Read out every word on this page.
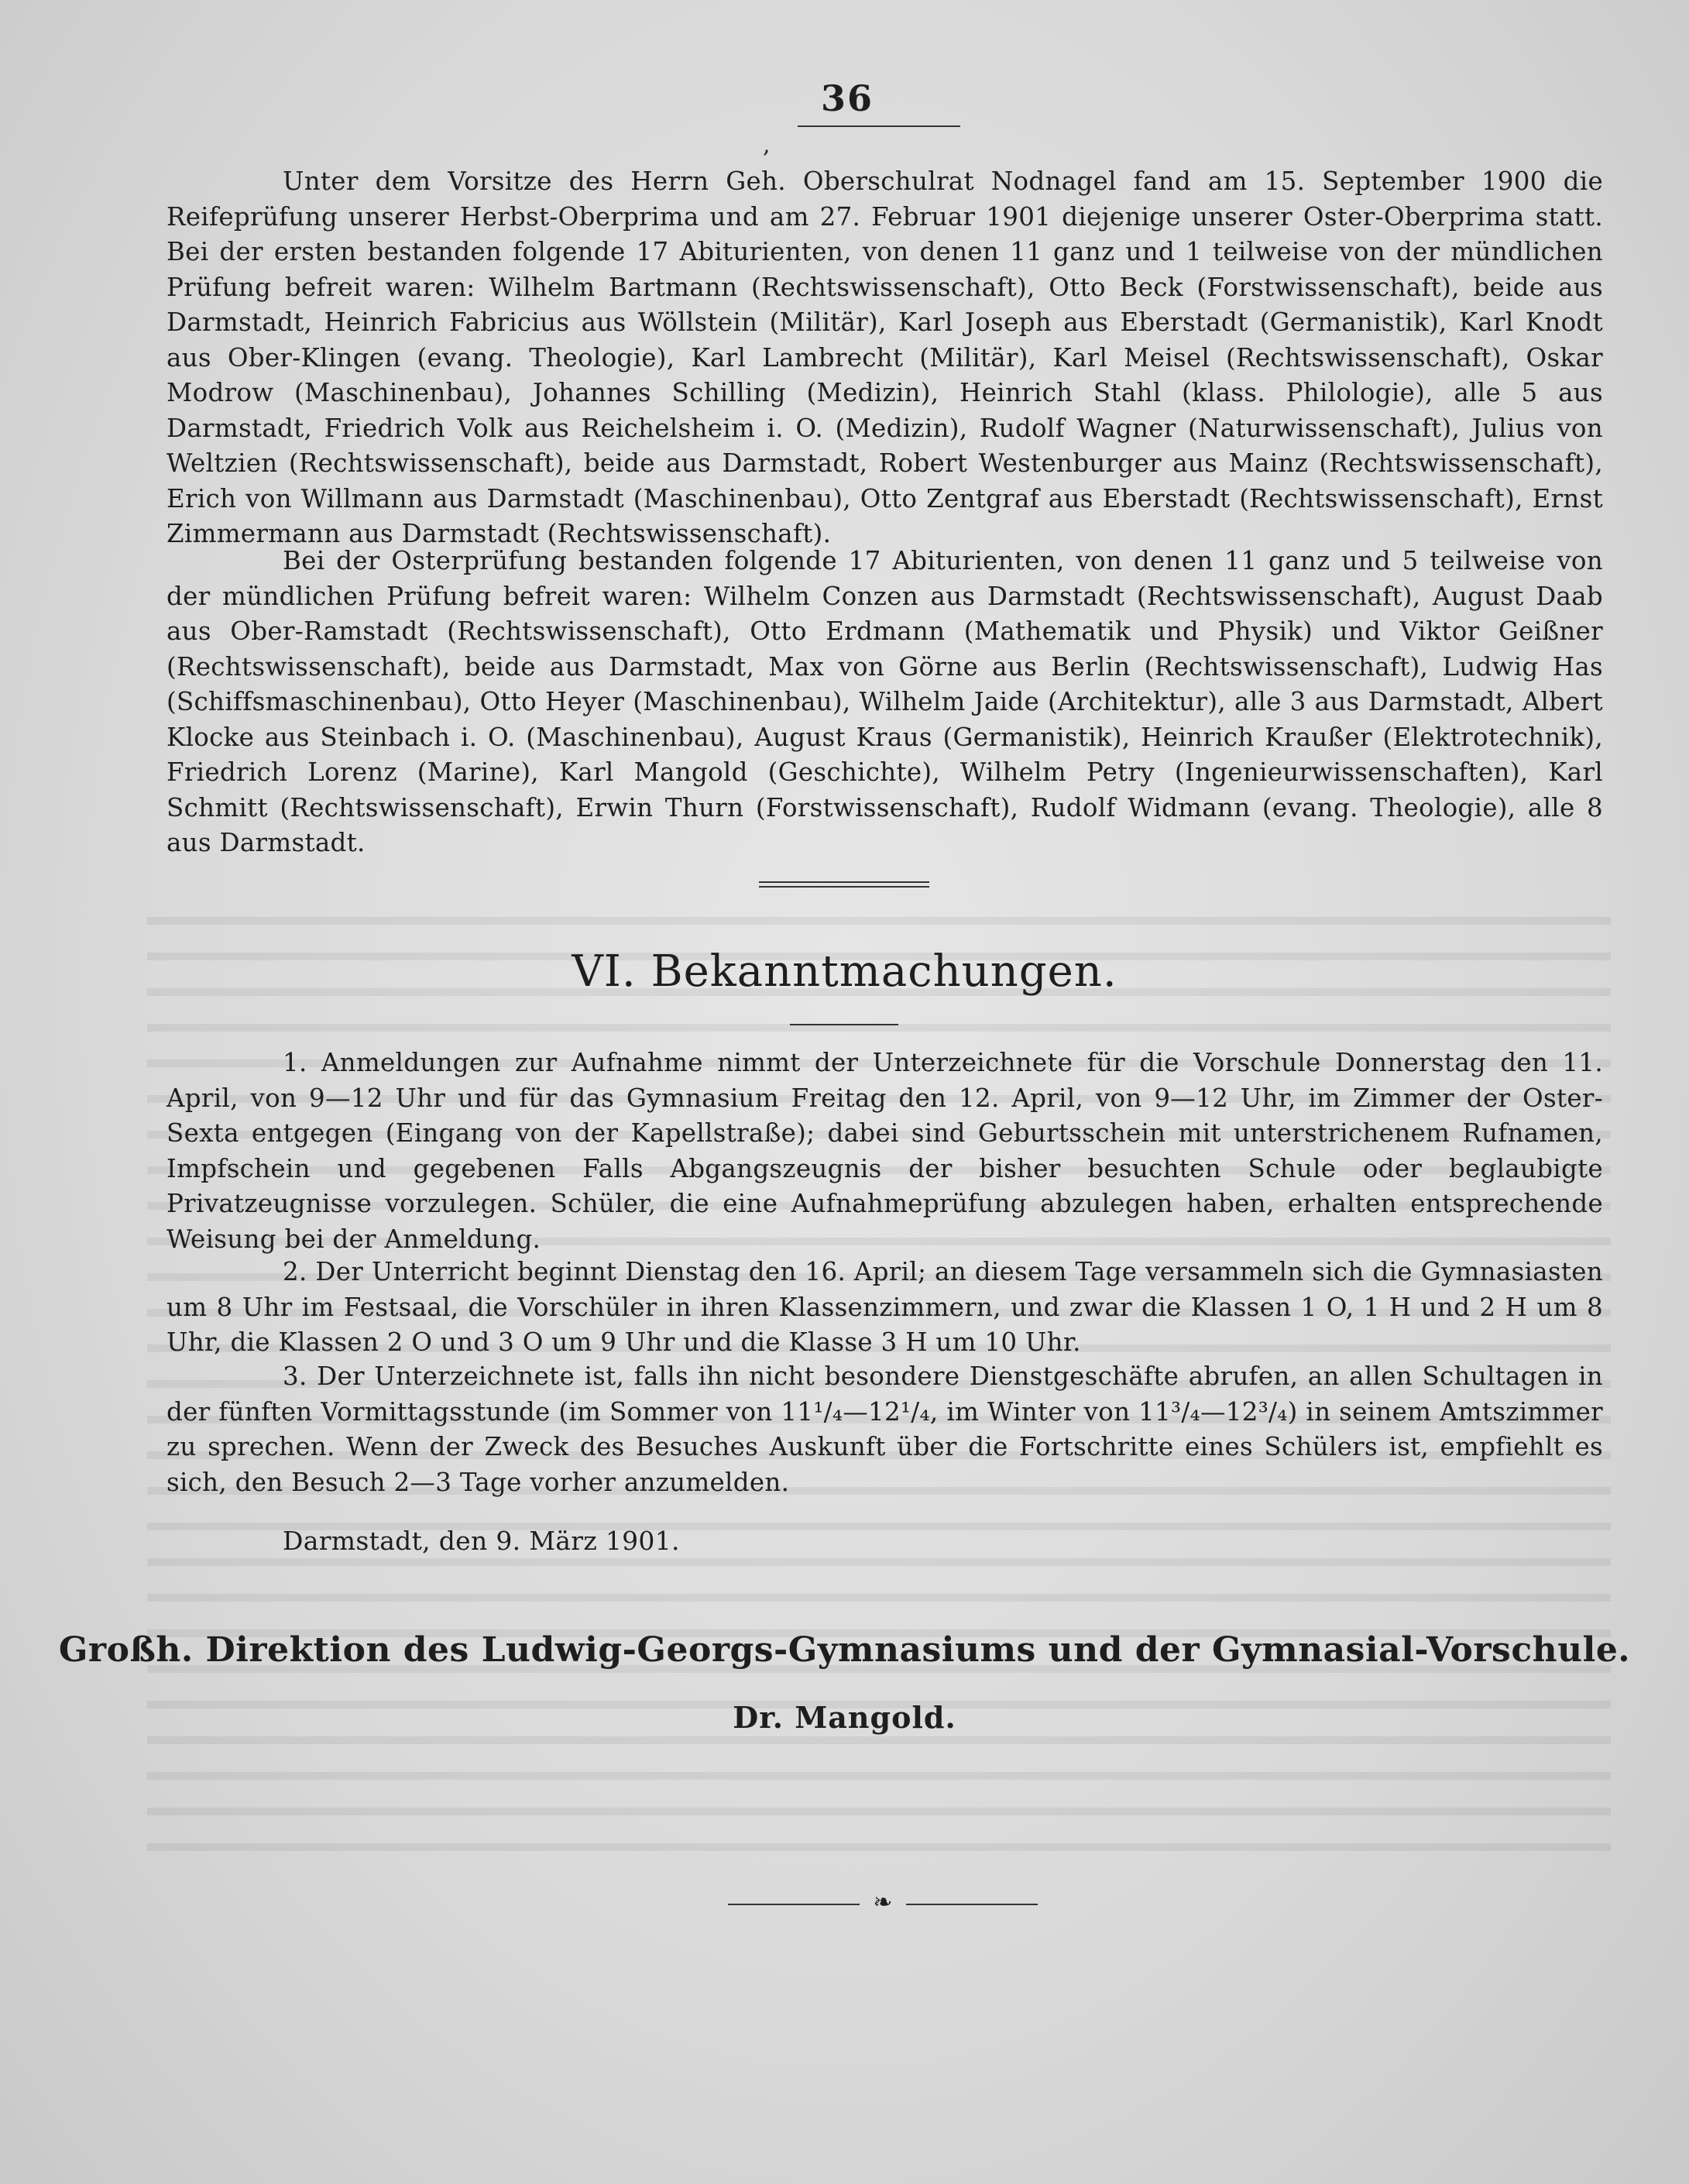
36
,
Unter dem Vorsitze des Herrn Geh. Oberschulrat Nodnagel fand am 15. September 1900 die Reifeprüfung unserer Herbst-Oberprima und am 27. Februar 1901 diejenige unserer Oster-Oberprima statt. Bei der ersten bestanden folgende 17 Abiturienten, von denen 11 ganz und 1 teilweise von der mündlichen Prüfung befreit waren: Wilhelm Bartmann (Rechtswissenschaft), Otto Beck (Forstwissenschaft), beide aus Darmstadt, Heinrich Fabricius aus Wöllstein (Militär), Karl Joseph aus Eberstadt (Germanistik), Karl Knodt aus Ober-Klingen (evang. Theologie), Karl Lambrecht (Militär), Karl Meisel (Rechtswissenschaft), Oskar Modrow (Maschinenbau), Johannes Schilling (Medizin), Heinrich Stahl (klass. Philologie), alle 5 aus Darmstadt, Friedrich Volk aus Reichelsheim i. O. (Medizin), Rudolf Wagner (Naturwissenschaft), Julius von Weltzien (Rechtswissenschaft), beide aus Darmstadt, Robert Westenburger aus Mainz (Rechtswissenschaft), Erich von Willmann aus Darmstadt (Maschinenbau), Otto Zentgraf aus Eberstadt (Rechtswissenschaft), Ernst Zimmermann aus Darmstadt (Rechtswissenschaft).
Bei der Osterprüfung bestanden folgende 17 Abiturienten, von denen 11 ganz und 5 teilweise von der mündlichen Prüfung befreit waren: Wilhelm Conzen aus Darmstadt (Rechtswissenschaft), August Daab aus Ober-Ramstadt (Rechtswissenschaft), Otto Erdmann (Mathematik und Physik) und Viktor Geißner (Rechtswissenschaft), beide aus Darmstadt, Max von Görne aus Berlin (Rechtswissenschaft), Ludwig Has (Schiffsmaschinenbau), Otto Heyer (Maschinenbau), Wilhelm Jaide (Architektur), alle 3 aus Darmstadt, Albert Klocke aus Steinbach i. O. (Maschinenbau), August Kraus (Germanistik), Heinrich Kraußer (Elektrotechnik), Friedrich Lorenz (Marine), Karl Mangold (Geschichte), Wilhelm Petry (Ingenieurwissenschaften), Karl Schmitt (Rechtswissenschaft), Erwin Thurn (Forstwissenschaft), Rudolf Widmann (evang. Theologie), alle 8 aus Darmstadt.
VI. Bekanntmachungen.
1. Anmeldungen zur Aufnahme nimmt der Unterzeichnete für die Vorschule Donnerstag den 11. April, von 9—12 Uhr und für das Gymnasium Freitag den 12. April, von 9—12 Uhr, im Zimmer der Oster-Sexta entgegen (Eingang von der Kapellstraße); dabei sind Geburtsschein mit unterstrichenem Rufnamen, Impfschein und gegebenen Falls Abgangszeugnis der bisher besuchten Schule oder beglaubigte Privatzeugnisse vorzulegen. Schüler, die eine Aufnahmeprüfung abzulegen haben, erhalten entsprechende Weisung bei der Anmeldung.
2. Der Unterricht beginnt Dienstag den 16. April; an diesem Tage versammeln sich die Gymnasiasten um 8 Uhr im Festsaal, die Vorschüler in ihren Klassenzimmern, und zwar die Klassen 1 O, 1 H und 2 H um 8 Uhr, die Klassen 2 O und 3 O um 9 Uhr und die Klasse 3 H um 10 Uhr.
3. Der Unterzeichnete ist, falls ihn nicht besondere Dienstgeschäfte abrufen, an allen Schultagen in der fünften Vormittagsstunde (im Sommer von 11¹/₄—12¹/₄, im Winter von 11³/₄—12³/₄) in seinem Amtszimmer zu sprechen. Wenn der Zweck des Besuches Auskunft über die Fortschritte eines Schülers ist, empfiehlt es sich, den Besuch 2—3 Tage vorher anzumelden.
Darmstadt, den 9. März 1901.
Großh. Direktion des Ludwig-Georgs-Gymnasiums und der Gymnasial-Vorschule.
Dr. Mangold.
❧
